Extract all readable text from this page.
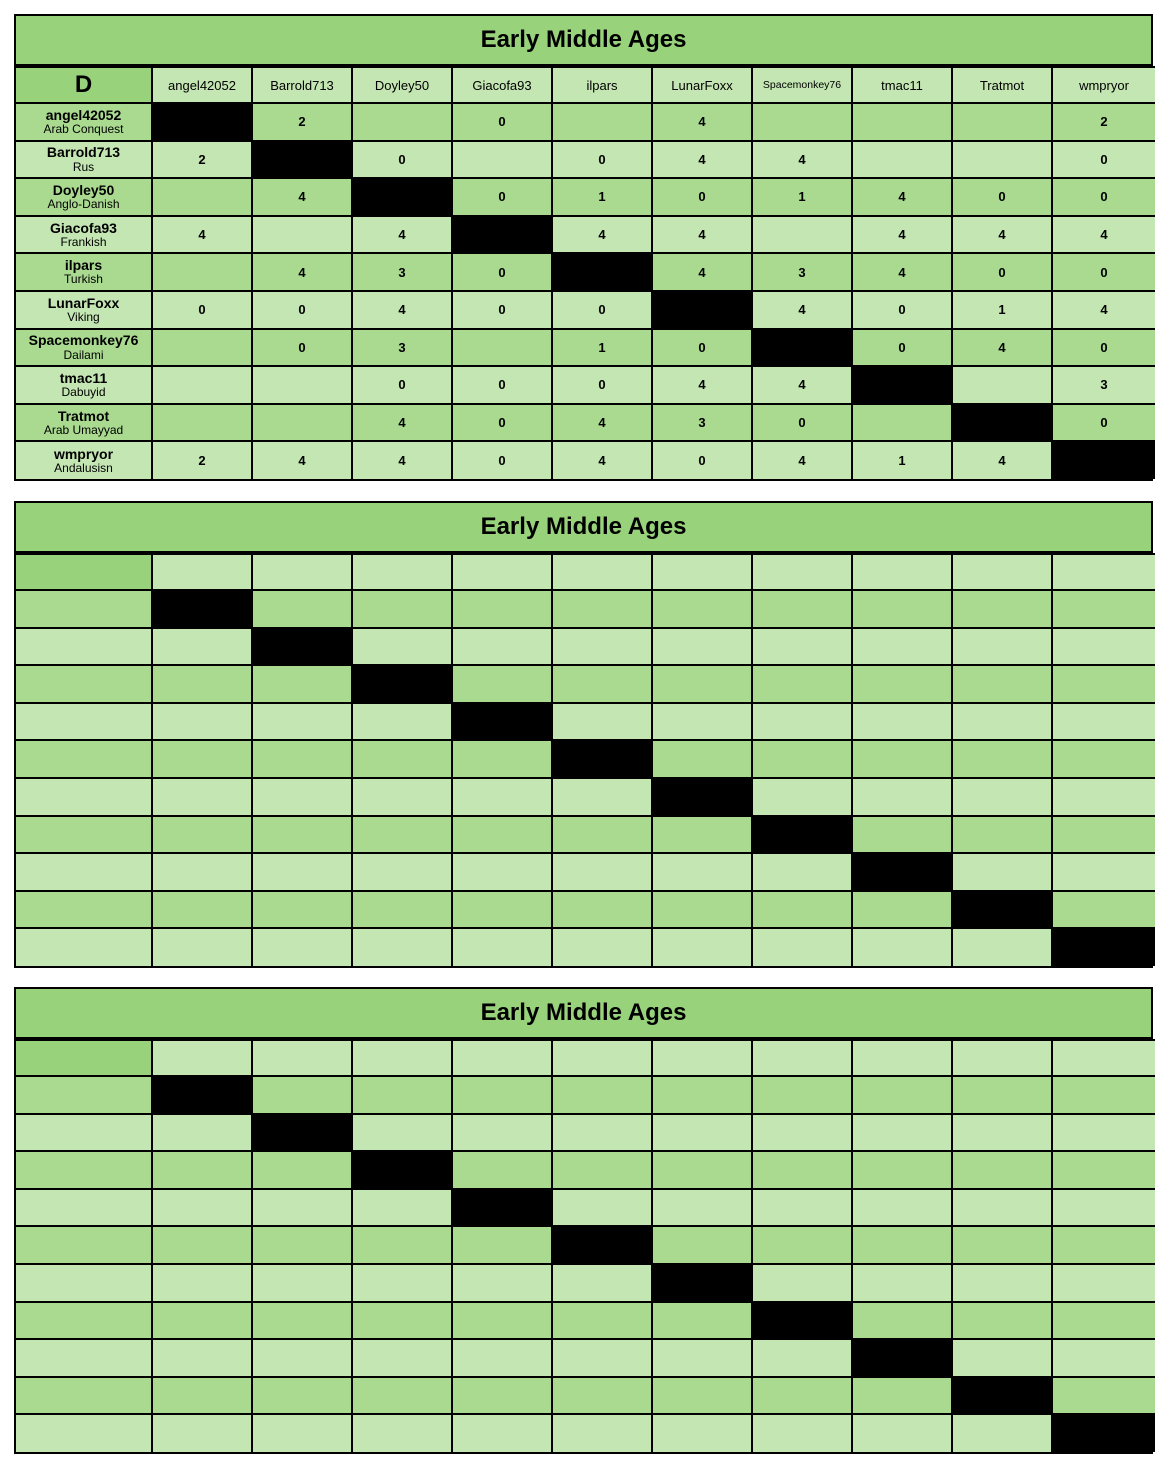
Early Middle Ages
D	angel42052	Barrold713	Doyley50	Giacofa93	ilpars	LunarFoxx	Spacemonkey76	tmac11	Tratmot	wmpryor

angel42052
Arab Conquest		2		0		4				2

Barrold713
Rus	2		0		0	4	4			0

Doyley50
Anglo-Danish		4		0	1	0	1	4	0	0

Giacofa93
Frankish	4		4		4	4		4	4	4

ilpars
Turkish		4	3	0		4	3	4	0	0

LunarFoxx
Viking	0	0	4	0	0		4	0	1	4

Spacemonkey76
Dailami		0	3		1	0		0	4	0

tmac11
Dabuyid			0	0	0	4	4			3

Tratmot
Arab Umayyad			4	0	4	3	0			0

wmpryor
Andalusisn	2	4	4	0	4	0	4	1	4	
Early Middle Ages

Early Middle Ages
